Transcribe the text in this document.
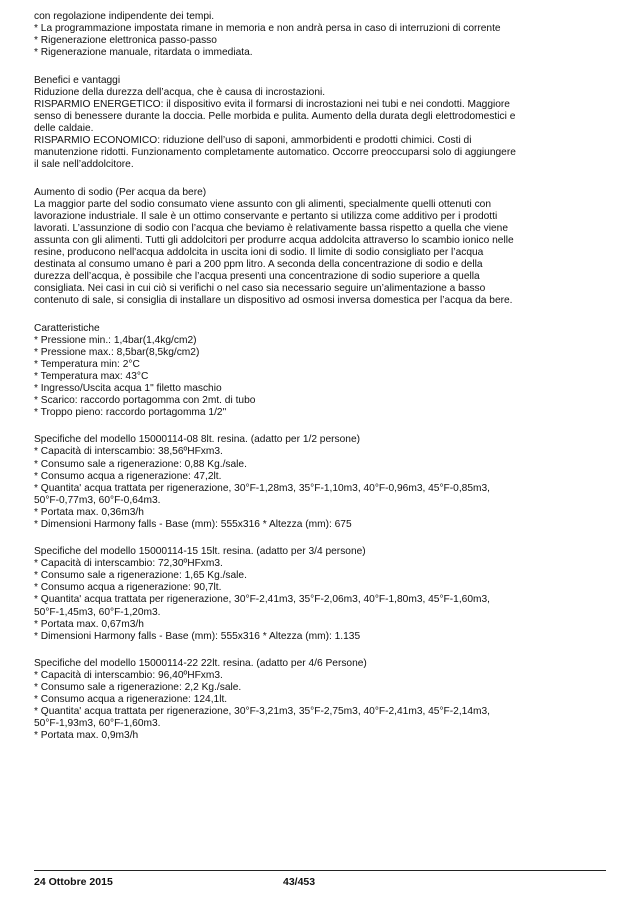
con regolazione indipendente dei tempi.
* La programmazione impostata rimane in memoria e non andrà persa in caso di interruzioni di corrente
* Rigenerazione elettronica passo-passo
* Rigenerazione manuale, ritardata o immediata.
Benefici e vantaggi
Riduzione della durezza dell’acqua, che è causa di incrostazioni.
RISPARMIO ENERGETICO: il dispositivo evita il formarsi di incrostazioni nei tubi e nei condotti. Maggiore
senso di benessere durante la doccia. Pelle morbida e pulita. Aumento della durata degli elettrodomestici e
delle caldaie.
RISPARMIO ECONOMICO: riduzione dell’uso di saponi, ammorbidenti e prodotti chimici. Costi di
manutenzione ridotti. Funzionamento completamente automatico. Occorre preoccuparsi solo di aggiungere
il sale nell’addolcitore.
Aumento di sodio (Per acqua da bere)
La maggior parte del sodio consumato viene assunto con gli alimenti, specialmente quelli ottenuti con
lavorazione industriale. Il sale è un ottimo conservante e pertanto si utilizza come additivo per i prodotti
lavorati. L’assunzione di sodio con l’acqua che beviamo è relativamente bassa rispetto a quella che viene
assunta con gli alimenti. Tutti gli addolcitori per produrre acqua addolcita attraverso lo scambio ionico nelle
resine, producono nell'acqua addolcita in uscita ioni di sodio. Il limite di sodio consigliato per l’acqua
destinata al consumo umano è pari a 200 ppm litro. A seconda della concentrazione di sodio e della
durezza dell’acqua, è possibile che l’acqua presenti una concentrazione di sodio superiore a quella
consigliata. Nei casi in cui ciò si verifichi o nel caso sia necessario seguire un’alimentazione a basso
contenuto di sale, si consiglia di installare un dispositivo ad osmosi inversa domestica per l’acqua da bere.
Caratteristiche
* Pressione min.: 1,4bar(1,4kg/cm2)
* Pressione max.: 8,5bar(8,5kg/cm2)
* Temperatura min: 2°C
* Temperatura max: 43°C
* Ingresso/Uscita acqua 1" filetto maschio
* Scarico: raccordo portagomma con 2mt. di tubo
* Troppo pieno: raccordo portagomma 1/2"
Specifiche del modello 15000114-08 8lt. resina. (adatto per 1/2 persone)
* Capacità di interscambio: 38,56ºHFxm3.
* Consumo sale a rigenerazione: 0,88 Kg./sale.
* Consumo acqua a rigenerazione: 47,2lt.
* Quantita' acqua trattata per rigenerazione, 30°F-1,28m3, 35°F-1,10m3, 40°F-0,96m3, 45°F-0,85m3,
50°F-0,77m3, 60°F-0,64m3.
* Portata max. 0,36m3/h
* Dimensioni Harmony falls - Base (mm): 555x316 * Altezza (mm): 675
Specifiche del modello 15000114-15 15lt. resina. (adatto per 3/4 persone)
* Capacità di interscambio: 72,30ºHFxm3.
* Consumo sale a rigenerazione: 1,65 Kg./sale.
* Consumo acqua a rigenerazione: 90,7lt.
* Quantita' acqua trattata per rigenerazione, 30°F-2,41m3, 35°F-2,06m3, 40°F-1,80m3, 45°F-1,60m3,
50°F-1,45m3, 60°F-1,20m3.
* Portata max. 0,67m3/h
* Dimensioni Harmony falls - Base (mm): 555x316 * Altezza (mm): 1.135
Specifiche del modello 15000114-22 22lt. resina. (adatto per 4/6 Persone)
* Capacità di interscambio: 96,40ºHFxm3.
* Consumo sale a rigenerazione: 2,2 Kg./sale.
* Consumo acqua a rigenerazione: 124,1lt.
* Quantita' acqua trattata per rigenerazione, 30°F-3,21m3, 35°F-2,75m3, 40°F-2,41m3, 45°F-2,14m3,
50°F-1,93m3, 60°F-1,60m3.
* Portata max. 0,9m3/h
24 Ottobre 2015	43/453
